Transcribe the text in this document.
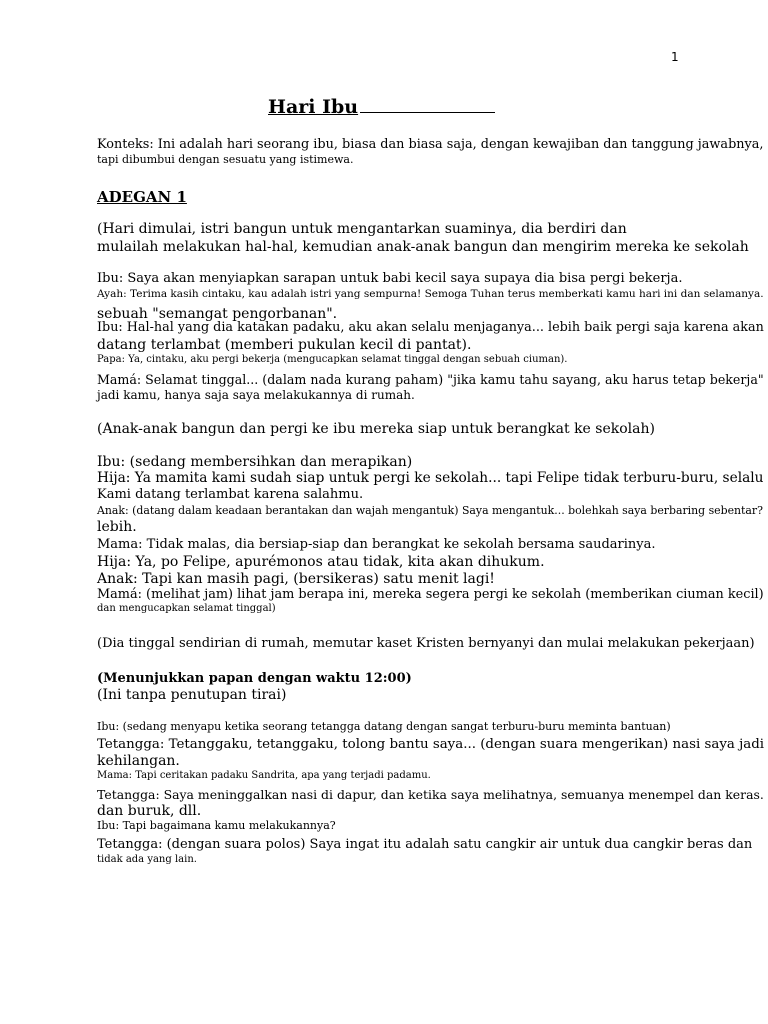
1
Hari Ibu
Konteks: Ini adalah hari seorang ibu, biasa dan biasa saja, dengan kewajiban dan tanggung jawabnya,
tapi dibumbui dengan sesuatu yang istimewa.
ADEGAN 1
(Hari dimulai, istri bangun untuk mengantarkan suaminya, dia berdiri dan
mulailah melakukan hal-hal, kemudian anak-anak bangun dan mengirim mereka ke sekolah
Ibu: Saya akan menyiapkan sarapan untuk babi kecil saya supaya dia bisa pergi bekerja.
Ayah: Terima kasih cintaku, kau adalah istri yang sempurna! Semoga Tuhan terus memberkati kamu hari ini dan selamanya.
sebuah "semangat pengorbanan".
Ibu: Hal-hal yang dia katakan padaku, aku akan selalu menjaganya... lebih baik pergi saja karena akan
datang terlambat (memberi pukulan kecil di pantat).
Papa: Ya, cintaku, aku pergi bekerja (mengucapkan selamat tinggal dengan sebuah ciuman).
Mamá: Selamat tinggal... (dalam nada kurang paham) "jika kamu tahu sayang, aku harus tetap bekerja"
jadi kamu, hanya saja saya melakukannya di rumah.
(Anak-anak bangun dan pergi ke ibu mereka siap untuk berangkat ke sekolah)
Ibu: (sedang membersihkan dan merapikan)
Hija: Ya mamita kami sudah siap untuk pergi ke sekolah... tapi Felipe tidak terburu-buru, selalu
Kami datang terlambat karena salahmu.
Anak: (datang dalam keadaan berantakan dan wajah mengantuk) Saya mengantuk... bolehkah saya berbaring sebentar?
lebih.
Mama: Tidak malas, dia bersiap-siap dan berangkat ke sekolah bersama saudarinya.
Hija: Ya, po Felipe, apurémonos atau tidak, kita akan dihukum.
Anak: Tapi kan masih pagi, (bersikeras) satu menit lagi!
Mamá: (melihat jam) lihat jam berapa ini, mereka segera pergi ke sekolah (memberikan ciuman kecil)
dan mengucapkan selamat tinggal)
(Dia tinggal sendirian di rumah, memutar kaset Kristen bernyanyi dan mulai melakukan pekerjaan)
(Menunjukkan papan dengan waktu 12:00)
(Ini tanpa penutupan tirai)
Ibu: (sedang menyapu ketika seorang tetangga datang dengan sangat terburu-buru meminta bantuan)
Tetangga: Tetanggaku, tetanggaku, tolong bantu saya... (dengan suara mengerikan) nasi saya jadi
kehilangan.
Mama: Tapi ceritakan padaku Sandrita, apa yang terjadi padamu.
Tetangga: Saya meninggalkan nasi di dapur, dan ketika saya melihatnya, semuanya menempel dan keras.
dan buruk, dll.
Ibu: Tapi bagaimana kamu melakukannya?
Tetangga: (dengan suara polos) Saya ingat itu adalah satu cangkir air untuk dua cangkir beras dan
tidak ada yang lain.
